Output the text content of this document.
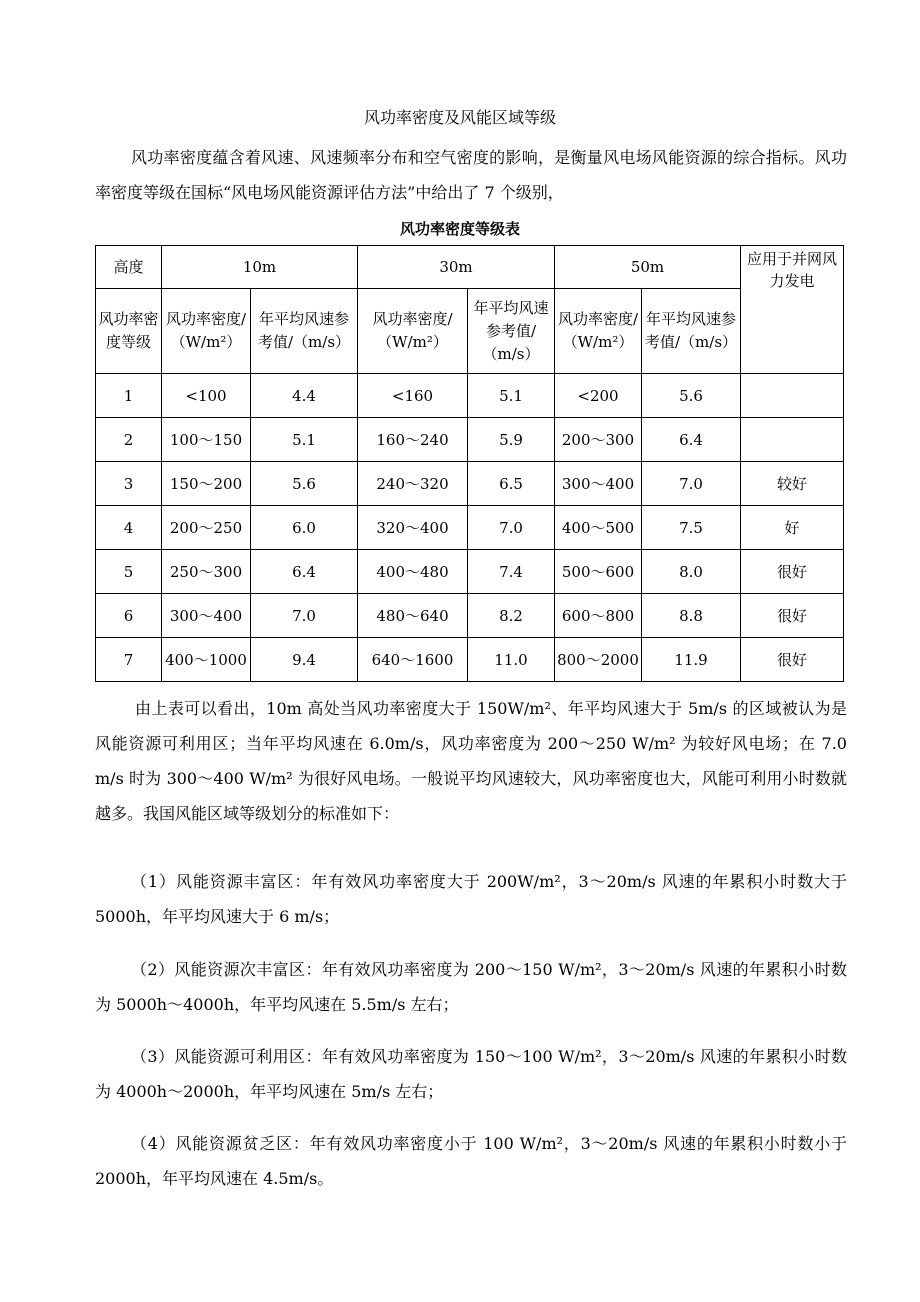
风功率密度及风能区域等级

风功率密度蕴含着风速、风速频率分布和空气密度的影响，是衡量风电场风能资源的综合指标。风功率密度等级在国标“风电场风能资源评估方法”中给出了 7 个级别，

风功率密度等级表
高度	10m		30m		50m		应用于并网风力发电
风功率密度等级	风功率密度/（W/m²）	年平均风速参考值/（m/s）	风功率密度/（W/m²）	年平均风速参考值/（m/s）	风功率密度/（W/m²）	年平均风速参考值/（m/s）	
1	<100	4.4	<160	5.1	<200	5.6	
2	100～150	5.1	160～240	5.9	200～300	6.4	
3	150～200	5.6	240～320	6.5	300～400	7.0	较好
4	200～250	6.0	320～400	7.0	400～500	7.5	好
5	250～300	6.4	400～480	7.4	500～600	8.0	很好
6	300～400	7.0	480～640	8.2	600～800	8.8	很好
7	400～1000	9.4	640～1600	11.0	800～2000	11.9	很好

由上表可以看出，10m 高处当风功率密度大于 150W/m²、年平均风速大于 5m/s 的区域被认为是风能资源可利用区；当年平均风速在 6.0m/s，风功率密度为 200～250 W/m² 为较好风电场；在 7.0 m/s 时为 300～400 W/m² 为很好风电场。一般说平均风速较大，风功率密度也大，风能可利用小时数就越多。我国风能区域等级划分的标准如下：

（1）风能资源丰富区：年有效风功率密度大于 200W/m²，3～20m/s 风速的年累积小时数大于 5000h，年平均风速大于 6 m/s；

（2）风能资源次丰富区：年有效风功率密度为 200～150 W/m²，3～20m/s 风速的年累积小时数为 5000h～4000h，年平均风速在 5.5m/s 左右；

（3）风能资源可利用区：年有效风功率密度为 150～100 W/m²，3～20m/s 风速的年累积小时数为 4000h～2000h，年平均风速在 5m/s 左右；

（4）风能资源贫乏区：年有效风功率密度小于 100 W/m²，3～20m/s 风速的年累积小时数小于 2000h，年平均风速在 4.5m/s。
